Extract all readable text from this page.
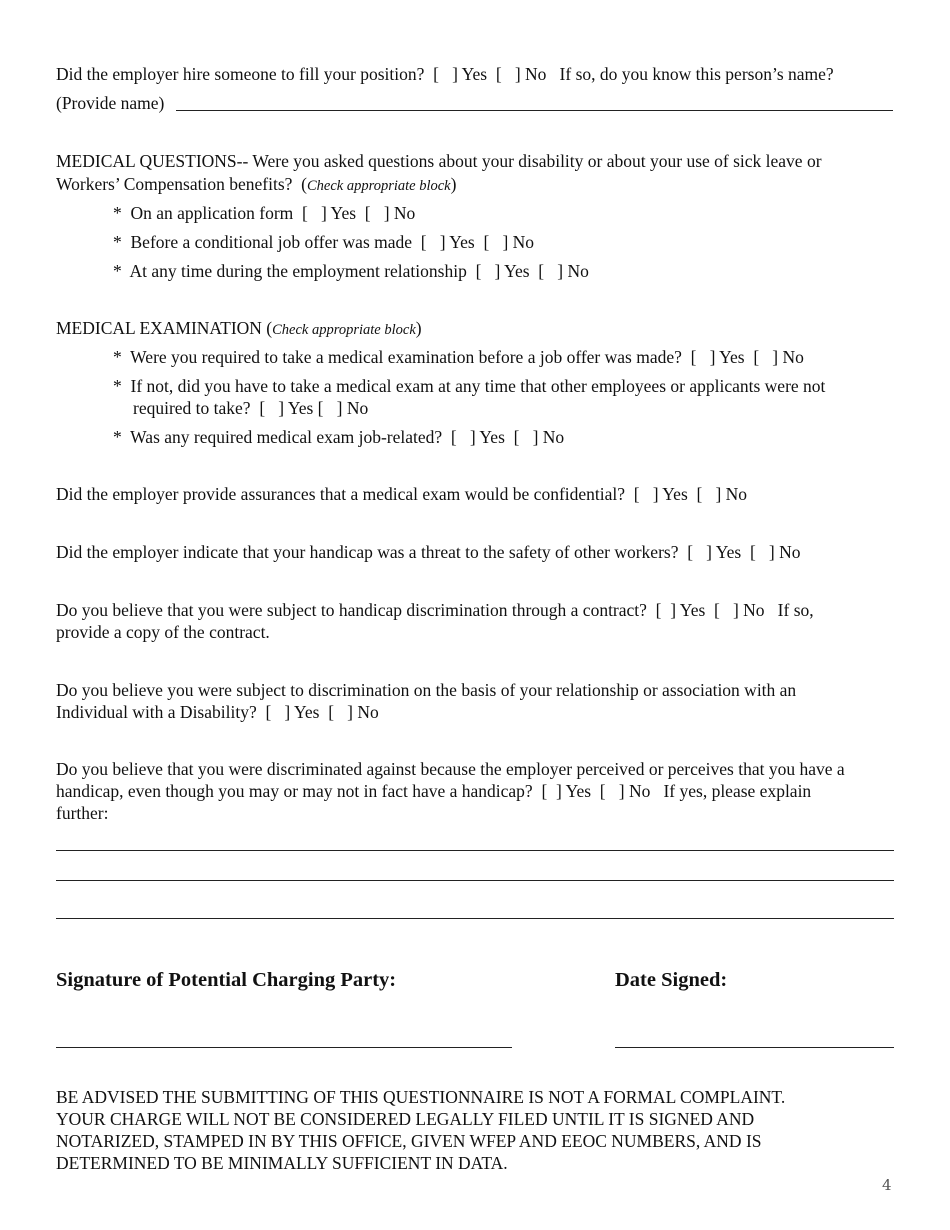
Did the employer hire someone to fill your position?  [   ] Yes  [   ] No   If so, do you know this person’s name?
(Provide name)
MEDICAL QUESTIONS-- Were you asked questions about your disability or about your use of sick leave or
Workers’ Compensation benefits?  (Check appropriate block)
*  On an application form  [   ] Yes  [   ] No
*  Before a conditional job offer was made  [   ] Yes  [   ] No
*  At any time during the employment relationship  [   ] Yes  [   ] No
MEDICAL EXAMINATION (Check appropriate block)
*  Were you required to take a medical examination before a job offer was made?  [   ] Yes  [   ] No
*  If not, did you have to take a medical exam at any time that other employees or applicants were not
required to take?  [   ] Yes [   ] No
*  Was any required medical exam job-related?  [   ] Yes  [   ] No
Did the employer provide assurances that a medical exam would be confidential?  [   ] Yes  [   ] No
Did the employer indicate that your handicap was a threat to the safety of other workers?  [   ] Yes  [   ] No
Do you believe that you were subject to handicap discrimination through a contract?  [  ] Yes  [   ] No   If so,
provide a copy of the contract.
Do you believe you were subject to discrimination on the basis of your relationship or association with an
Individual with a Disability?  [   ] Yes  [   ] No
Do you believe that you were discriminated against because the employer perceived or perceives that you have a
handicap, even though you may or may not in fact have a handicap?  [  ] Yes  [   ] No   If yes, please explain
further:
Signature of Potential Charging Party:	Date Signed:
BE ADVISED THE SUBMITTING OF THIS QUESTIONNAIRE IS NOT A FORMAL COMPLAINT.
YOUR CHARGE WILL NOT BE CONSIDERED LEGALLY FILED UNTIL IT IS SIGNED AND
NOTARIZED, STAMPED IN BY THIS OFFICE, GIVEN WFEP AND EEOC NUMBERS, AND IS
DETERMINED TO BE MINIMALLY SUFFICIENT IN DATA.
4
